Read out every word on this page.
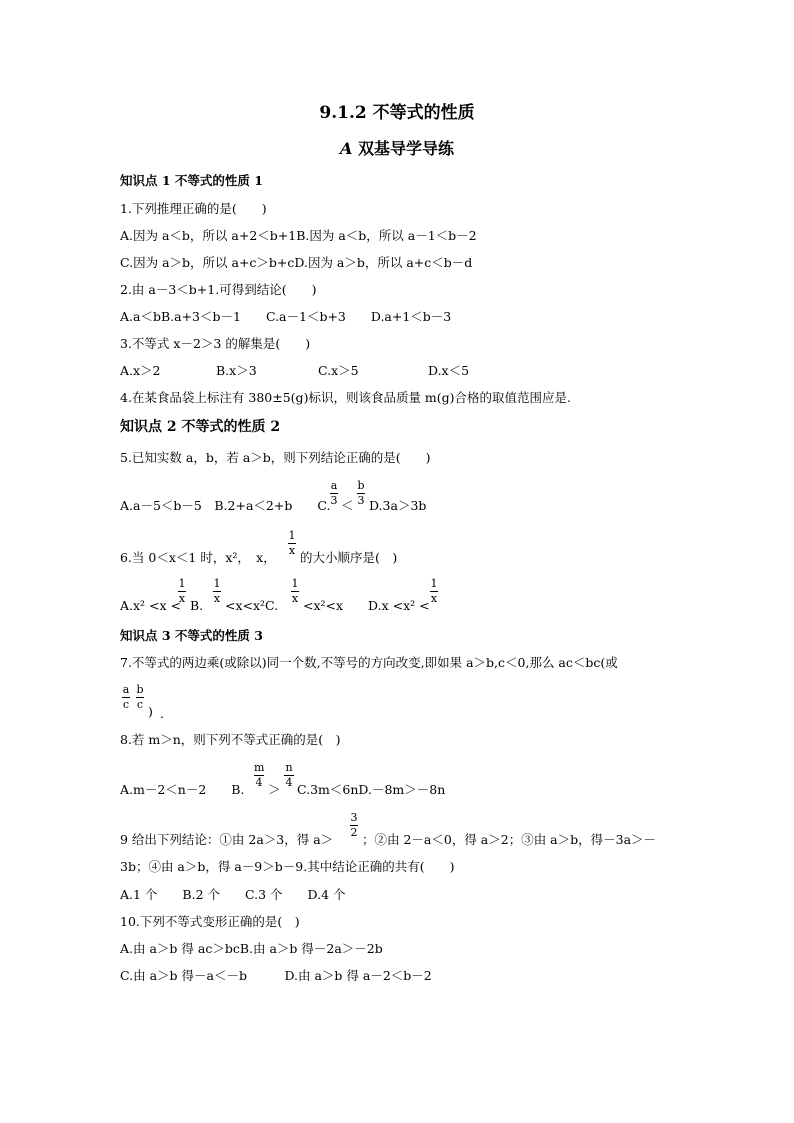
9.1.2 不等式的性质
A 双基导学导练
知识点 1 不等式的性质 1
1.下列推理正确的是(　　)
A.因为 a＜b，所以 a+2＜b+1B.因为 a＜b，所以 a－1＜b－2
C.因为 a＞b，所以 a+c＞b+cD.因为 a＞b，所以 a+c＜b－d
2.由 a－3＜b+1.可得到结论(　　)
A.a＜bB.a+3＜b－1　　C.a－1＜b+3　　D.a+1＜b－3
3.不等式 x－2＞3 的解集是(　　)
A.x＞2	B.x＞3	C.x＞5	D.x＜5
4.在某食品袋上标注有 380±5(g)标识，则该食品质量 m(g)合格的取值范围应是.
知识点 2 不等式的性质 2
5.已知实数 a，b，若 a＞b，则下列结论正确的是(　　)
A.a－5＜b－5　B.2+a＜2+b　　C.
a
3 ＜
b
3 D.3a＞3b
6.当 0＜x＜1 时，x²，　x，
1
x 的大小顺序是(　)
A.x² <x <
1
x B.
1
x <x<x²C.
1
x <x²<x　　D.x <x² <
1
x
知识点 3 不等式的性质 3
7.不等式的两边乘(或除以)同一个数,不等号的方向改变,即如果 a＞b,c＜0,那么 ac＜bc(或
a
c
b
c ) .
8.若 m＞n，则下列不等式正确的是(　)
A.m－2＜n－2　　B.
m
4 ＞
n
4 C.3m＜6nD.－8m＞－8n
9 给出下列结论：①由 2a＞3，得 a＞
3
2 ；②由 2－a＜0，得 a＞2；③由 a＞b，得－3a＞－
3b；④由 a＞b，得 a－9＞b－9.其中结论正确的共有(　　)
A.1 个　　B.2 个　　C.3 个　　D.4 个
10.下列不等式变形正确的是(　)
A.由 a＞b 得 ac＞bcB.由 a＞b 得－2a＞－2b
C.由 a＞b 得－a＜－b　　　D.由 a＞b 得 a－2＜b－2
